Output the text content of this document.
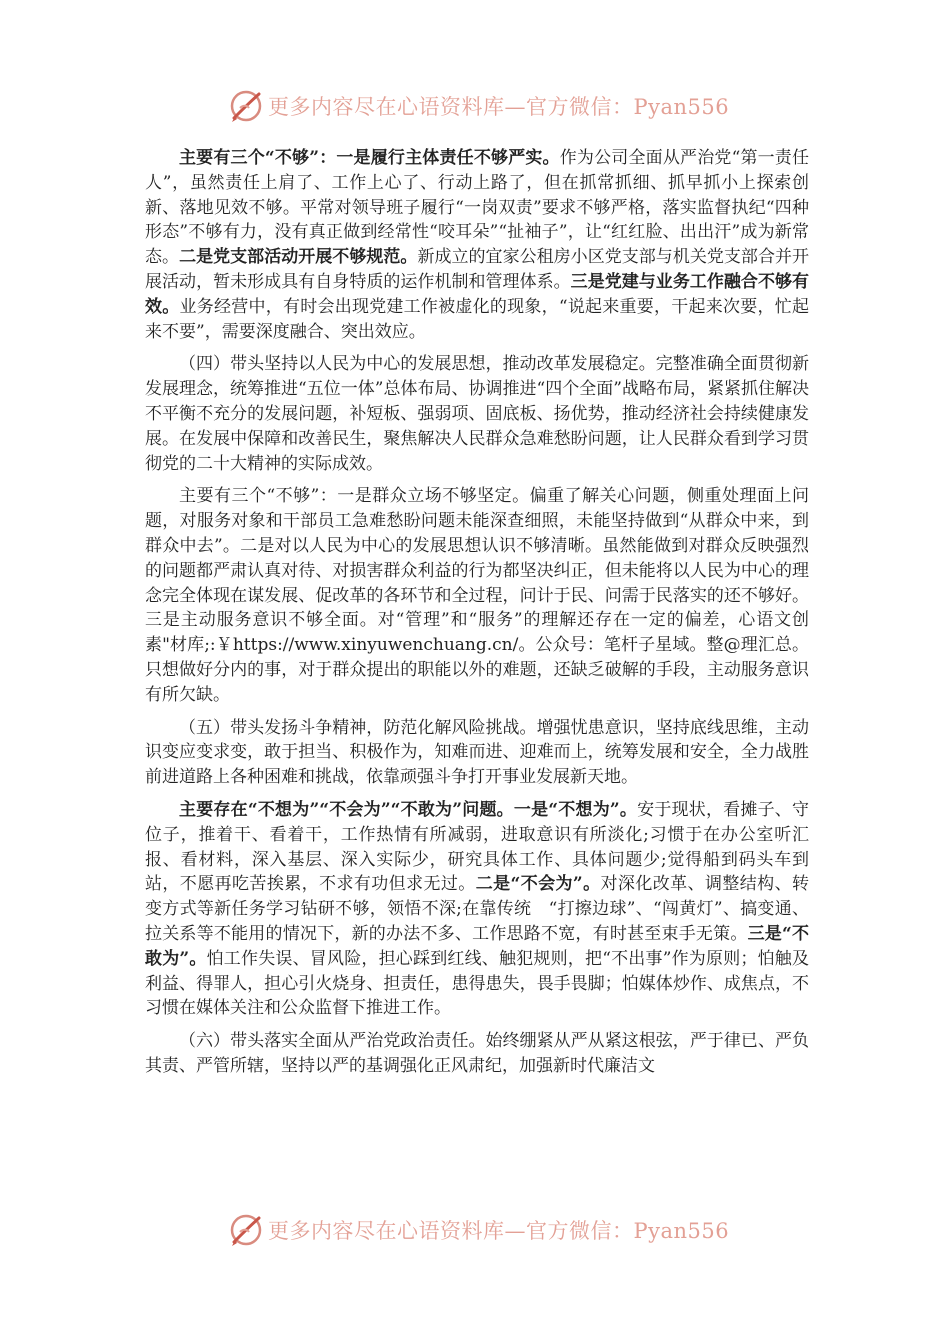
更多内容尽在心语资料库—官方微信：Pyan556

主要有三个“不够”：一是履行主体责任不够严实。作为公司全面从严治党“第一责任人”，虽然责任上肩了、工作上心了、行动上路了，但在抓常抓细、抓早抓小上探索创新、落地见效不够。平常对领导班子履行“一岗双责”要求不够严格，落实监督执纪“四种形态”不够有力，没有真正做到经常性“咬耳朵”“扯袖子”，让“红红脸、出出汗”成为新常态。二是党支部活动开展不够规范。新成立的宜家公租房小区党支部与机关党支部合并开展活动，暂未形成具有自身特质的运作机制和管理体系。三是党建与业务工作融合不够有效。业务经营中，有时会出现党建工作被虚化的现象，“说起来重要，干起来次要，忙起来不要”，需要深度融合、突出效应。

（四）带头坚持以人民为中心的发展思想，推动改革发展稳定。完整准确全面贯彻新发展理念，统筹推进“五位一体”总体布局、协调推进“四个全面”战略布局，紧紧抓住解决不平衡不充分的发展问题，补短板、强弱项、固底板、扬优势，推动经济社会持续健康发展。在发展中保障和改善民生，聚焦解决人民群众急难愁盼问题，让人民群众看到学习贯彻党的二十大精神的实际成效。

主要有三个“不够”：一是群众立场不够坚定。偏重了解关心问题，侧重处理面上问题，对服务对象和干部员工急难愁盼问题未能深查细照，未能坚持做到“从群众中来，到群众中去”。二是对以人民为中心的发展思想认识不够清晰。虽然能做到对群众反映强烈的问题都严肃认真对待、对损害群众利益的行为都坚决纠正，但未能将以人民为中心的理念完全体现在谋发展、促改革的各环节和全过程，问计于民、问需于民落实的还不够好。三是主动服务意识不够全面。对“管理”和“服务”的理解还存在一定的偏差，心语文创素"材库;:￥https://www.xinyuwenchuang.cn/。公众号：笔杆子星域。整@理汇总。只想做好分内的事，对于群众提出的职能以外的难题，还缺乏破解的手段，主动服务意识有所欠缺。

（五）带头发扬斗争精神，防范化解风险挑战。增强忧患意识，坚持底线思维，主动识变应变求变，敢于担当、积极作为，知难而进、迎难而上，统筹发展和安全，全力战胜前进道路上各种困难和挑战，依靠顽强斗争打开事业发展新天地。

主要存在“不想为”“不会为”“不敢为”问题。一是“不想为”。安于现状，看摊子、守位子，推着干、看着干，工作热情有所减弱，进取意识有所淡化;习惯于在办公室听汇报、看材料，深入基层、深入实际少，研究具体工作、具体问题少;觉得船到码头车到站，不愿再吃苦挨累，不求有功但求无过。二是“不会为”。对深化改革、调整结构、转变方式等新任务学习钻研不够，领悟不深;在靠传统　“打擦边球”、“闯黄灯”、搞变通、拉关系等不能用的情况下，新的办法不多、工作思路不宽，有时甚至束手无策。三是“不敢为”。怕工作失误、冒风险，担心踩到红线、触犯规则，把“不出事”作为原则；怕触及利益、得罪人，担心引火烧身、担责任，患得患失，畏手畏脚；怕媒体炒作、成焦点，不习惯在媒体关注和公众监督下推进工作。

（六）带头落实全面从严治党政治责任。始终绷紧从严从紧这根弦，严于律已、严负其责、严管所辖，坚持以严的基调强化正风肃纪，加强新时代廉洁文

更多内容尽在心语资料库—官方微信：Pyan556
